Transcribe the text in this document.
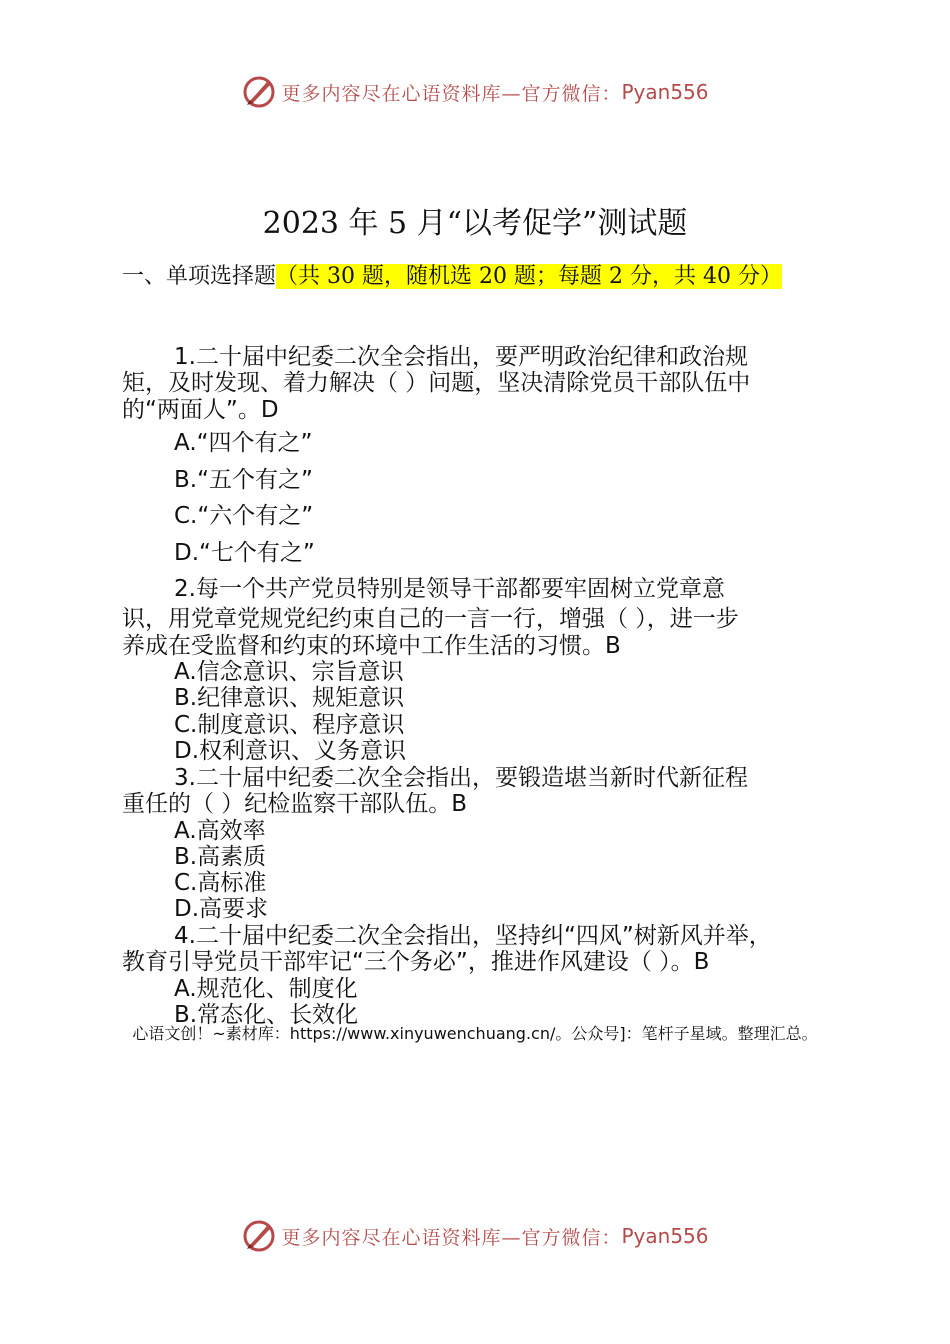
更多内容尽在心语资料库—官方微信： Pyan556
2023 年 5 月“以考促学”测试题
一、单项选择题（共 30 题，随机选 20 题；每题 2 分，共 40 分）
1.二十届中纪委二次全会指出，要严明政治纪律和政治规
矩，及时发现、着力解决（ ）问题，坚决清除党员干部队伍中
的“两面人”。D
A.“四个有之”
B.“五个有之”
C.“六个有之”
D.“七个有之”
2.每一个共产党员特别是领导干部都要牢固树立党章意
识，用党章党规党纪约束自己的一言一行，增强（ ），进一步
养成在受监督和约束的环境中工作生活的习惯。B
A.信念意识、宗旨意识
B.纪律意识、规矩意识
C.制度意识、程序意识
D.权利意识、义务意识
3.二十届中纪委二次全会指出，要锻造堪当新时代新征程
重任的（ ）纪检监察干部队伍。B
A.高效率
B.高素质
C.高标准
D.高要求
4.二十届中纪委二次全会指出，坚持纠“四风”树新风并举，
教育引导党员干部牢记“三个务必”，推进作风建设（ ）。B
A.规范化、制度化
B.常态化、长效化
心语文创！~素材库：https://www.xinyuwenchuang.cn/。公众号]：笔杆子星域。整理汇总。
更多内容尽在心语资料库—官方微信： Pyan556
